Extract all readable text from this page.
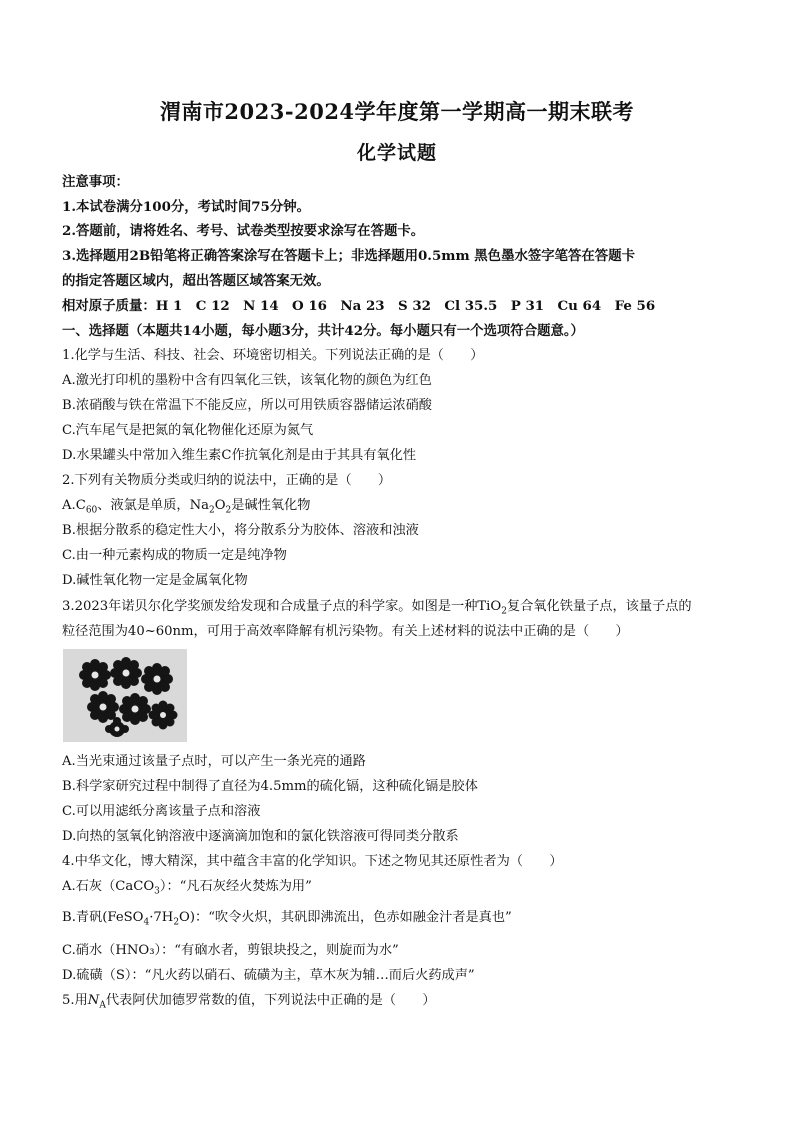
渭南市2023-2024学年度第一学期高一期末联考
化学试题
注意事项：
1.本试卷满分100分，考试时间75分钟。
2.答题前，请将姓名、考号、试卷类型按要求涂写在答题卡。
3.选择题用2B铅笔将正确答案涂写在答题卡上；非选择题用0.5mm 黑色墨水签字笔答在答题卡
的指定答题区域内，超出答题区域答案无效。
相对原子质量：H 1　C 12　N 14　O 16　Na 23　S 32　Cl 35.5　P 31　Cu 64　Fe 56
一、选择题（本题共14小题，每小题3分，共计42分。每小题只有一个选项符合题意。）
1.化学与生活、科技、社会、环境密切相关。下列说法正确的是（　　）
A.激光打印机的墨粉中含有四氧化三铁，该氧化物的颜色为红色
B.浓硝酸与铁在常温下不能反应，所以可用铁质容器储运浓硝酸
C.汽车尾气是把氮的氧化物催化还原为氮气
D.水果罐头中常加入维生素C作抗氧化剂是由于其具有氧化性
2.下列有关物质分类或归纳的说法中，正确的是（　　）
$A.C_{60}$、液氯是单质，$Na_2O_2$是碱性氧化物
B.根据分散系的稳定性大小，将分散系分为胶体、溶液和浊液
C.由一种元素构成的物质一定是纯净物
D.碱性氧化物一定是金属氧化物
3.2023年诺贝尔化学奖颁发给发现和合成量子点的科学家。如图是一种TiO$_2$复合氧化铁量子点，该量子点的
粒径范围为40~60nm，可用于高效率降解有机污染物。有关上述材料的说法中正确的是（　　）
A.当光束通过该量子点时，可以产生一条光亮的通路
B.科学家研究过程中制得了直径为4.5mm的硫化镉，这种硫化镉是胶体
C.可以用滤纸分离该量子点和溶液
D.向热的氢氧化钠溶液中逐滴滴加饱和的氯化铁溶液可得同类分散系
4.中华文化，博大精深，其中蕴含丰富的化学知识。下述之物见其还原性者为（　　）
A.石灰（CaCO$_3$）：“凡石灰经火焚炼为用”
B.青矾$(FeSO_4\cdot 7H_2O)$：“吹令火炽，其矾即沸流出，色赤如融金汁者是真也”
C.硝水（HNO₃）：“有硇水者，剪银块投之，则旋而为水”
D.硫磺（S）：“凡火药以硝石、硫磺为主，草木灰为辅…而后火药成声”
5.用$N_A$代表阿伏加德罗常数的值，下列说法中正确的是（　　）
